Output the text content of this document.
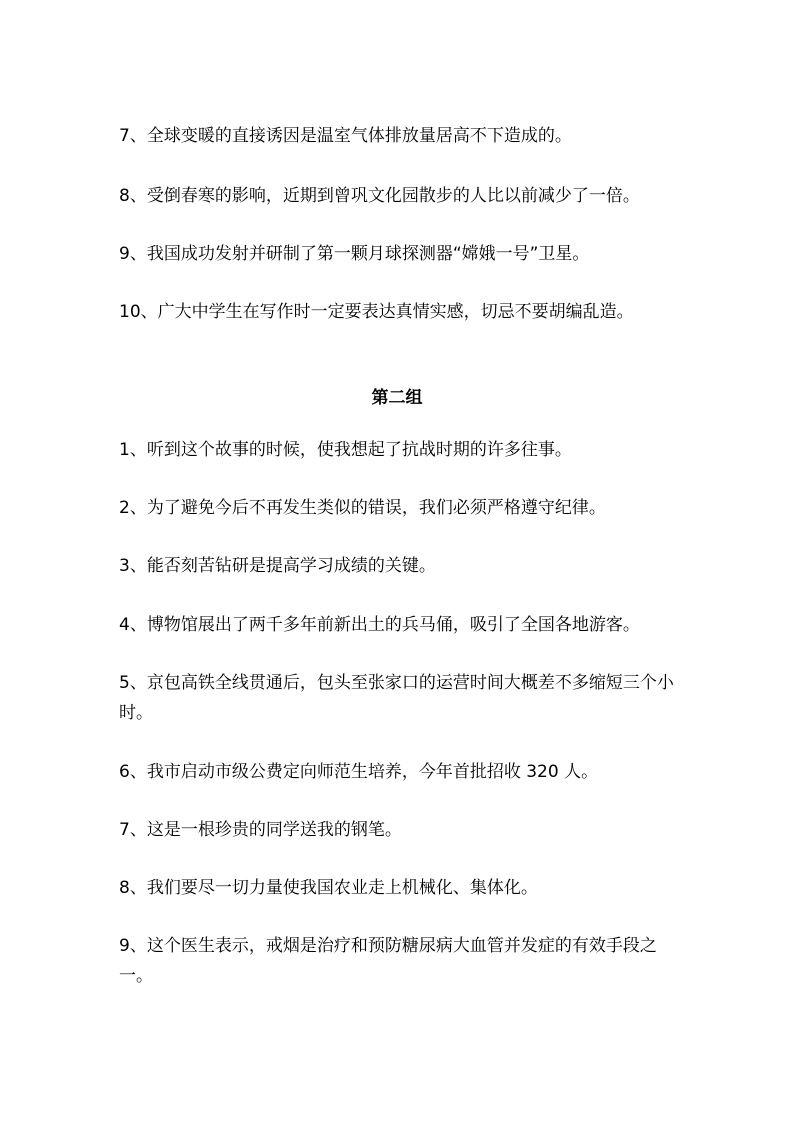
7、全球变暖的直接诱因是温室气体排放量居高不下造成的。
8、受倒春寒的影响，近期到曾巩文化园散步的人比以前减少了一倍。
9、我国成功发射并研制了第一颗月球探测器“嫦娥一号”卫星。
10、广大中学生在写作时一定要表达真情实感，切忌不要胡编乱造。
第二组
1、听到这个故事的时候，使我想起了抗战时期的许多往事。
2、为了避免今后不再发生类似的错误，我们必须严格遵守纪律。
3、能否刻苦钻研是提高学习成绩的关键。
4、博物馆展出了两千多年前新出土的兵马俑，吸引了全国各地游客。
5、京包高铁全线贯通后，包头至张家口的运营时间大概差不多缩短三个小时。
6、我市启动市级公费定向师范生培养，今年首批招收 320 人。
7、这是一根珍贵的同学送我的钢笔。
8、我们要尽一切力量使我国农业走上机械化、集体化。
9、这个医生表示，戒烟是治疗和预防糖尿病大血管并发症的有效手段之一。
